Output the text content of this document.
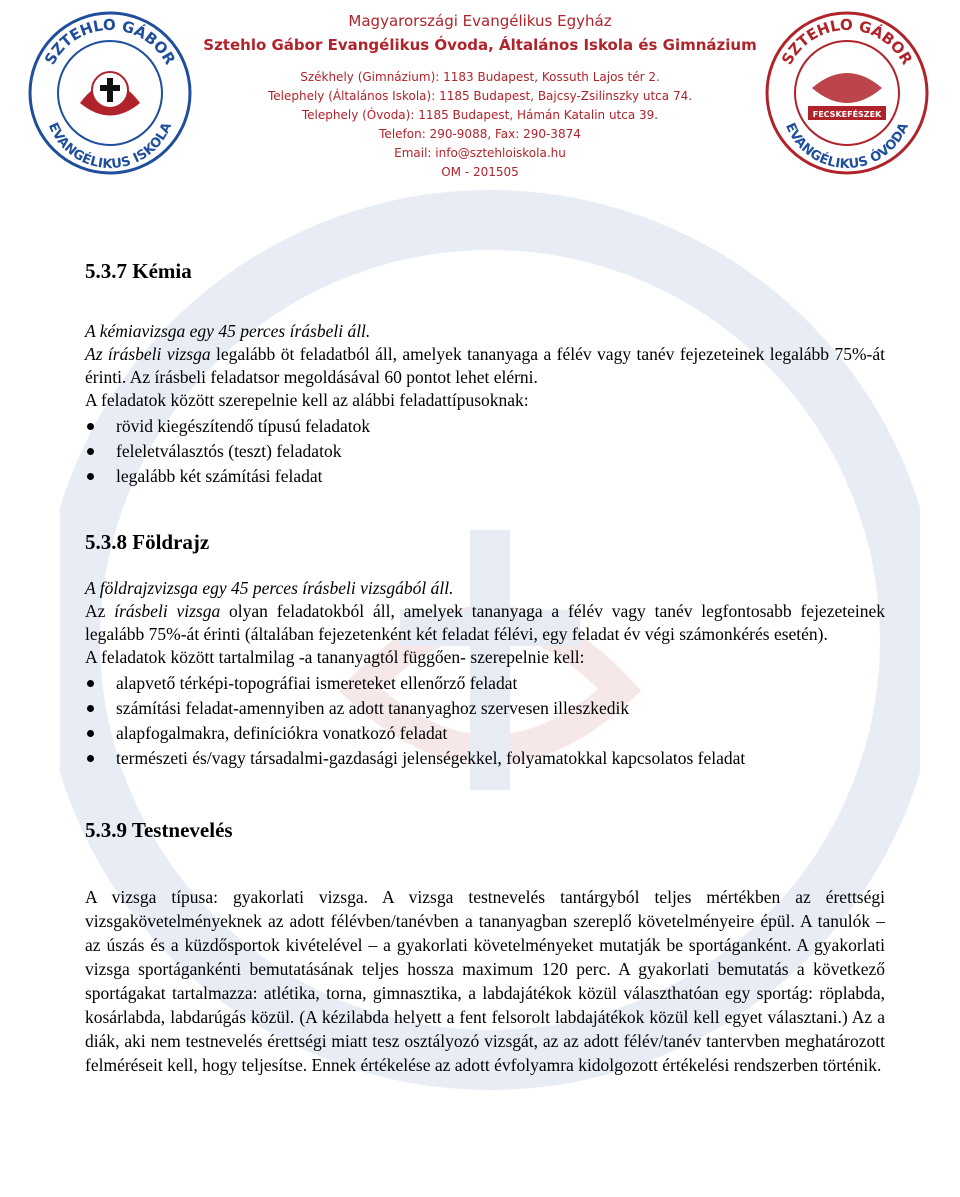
SZTEHLO GÁBOR
EVANGÉLIKUS ISKOLA
Magyarországi Evangélikus Egyház
Sztehlo Gábor Evangélikus Óvoda, Általános Iskola és Gimnázium
Székhely (Gimnázium): 1183 Budapest, Kossuth Lajos tér 2.
Telephely (Általános Iskola): 1185 Budapest, Bajcsy-Zsilinszky utca 74.
Telephely (Óvoda): 1185 Budapest, Hámán Katalin utca 39.
Telefon: 290-9088, Fax: 290-3874
Email: info@sztehloiskola.hu
OM - 201505
SZTEHLO GÁBOR
EVANGÉLIKUS ÓVODA
FECSKEFÉSZEK
5.3.7 Kémia

A kémiavizsga egy 45 perces írásbeli áll.

Az írásbeli vizsga legalább öt feladatból áll, amelyek tananyaga a félév vagy tanév fejezeteinek legalább 75%-át érinti. Az írásbeli feladatsor megoldásával 60 pontot lehet elérni.

A feladatok között szerepelnie kell az alábbi feladattípusoknak:

rövid kiegészítendő típusú feladatok
feleletválasztós (teszt) feladatok
legalább két számítási feladat
5.3.8 Földrajz

A földrajzvizsga egy 45 perces írásbeli vizsgából áll.

Az írásbeli vizsga olyan feladatokból áll, amelyek tananyaga a félév vagy tanév legfontosabb fejezeteinek legalább 75%-át érinti (általában fejezetenként két feladat félévi, egy feladat év végi számonkérés esetén).

A feladatok között tartalmilag -a tananyagtól függően- szerepelnie kell:

alapvető térképi-topográfiai ismereteket ellenőrző feladat
számítási feladat-amennyiben az adott tananyaghoz szervesen illeszkedik
alapfogalmakra, definíciókra vonatkozó feladat
természeti és/vagy társadalmi-gazdasági jelenségekkel, folyamatokkal kapcsolatos feladat
5.3.9 Testnevelés

A vizsga típusa: gyakorlati vizsga. A vizsga testnevelés tantárgyból teljes mértékben az érettségi vizsgakövetelményeknek az adott félévben/tanévben a tananyagban szereplő követelményeire épül. A tanulók – az úszás és a küzdősportok kivételével – a gyakorlati követelményeket mutatják be sportáganként. A gyakorlati vizsga sportágankénti bemutatásának teljes hossza maximum 120 perc. A gyakorlati bemutatás a következő sportágakat tartalmazza: atlétika, torna, gimnasztika, a labdajátékok közül választhatóan egy sportág: röplabda, kosárlabda, labdarúgás közül. (A kézilabda helyett a fent felsorolt labdajátékok közül kell egyet választani.) Az a diák, aki nem testnevelés érettségi miatt tesz osztályozó vizsgát, az az adott félév/tanév tantervben meghatározott felméréseit kell, hogy teljesítse. Ennek értékelése az adott évfolyamra kidolgozott értékelési rendszerben történik.
